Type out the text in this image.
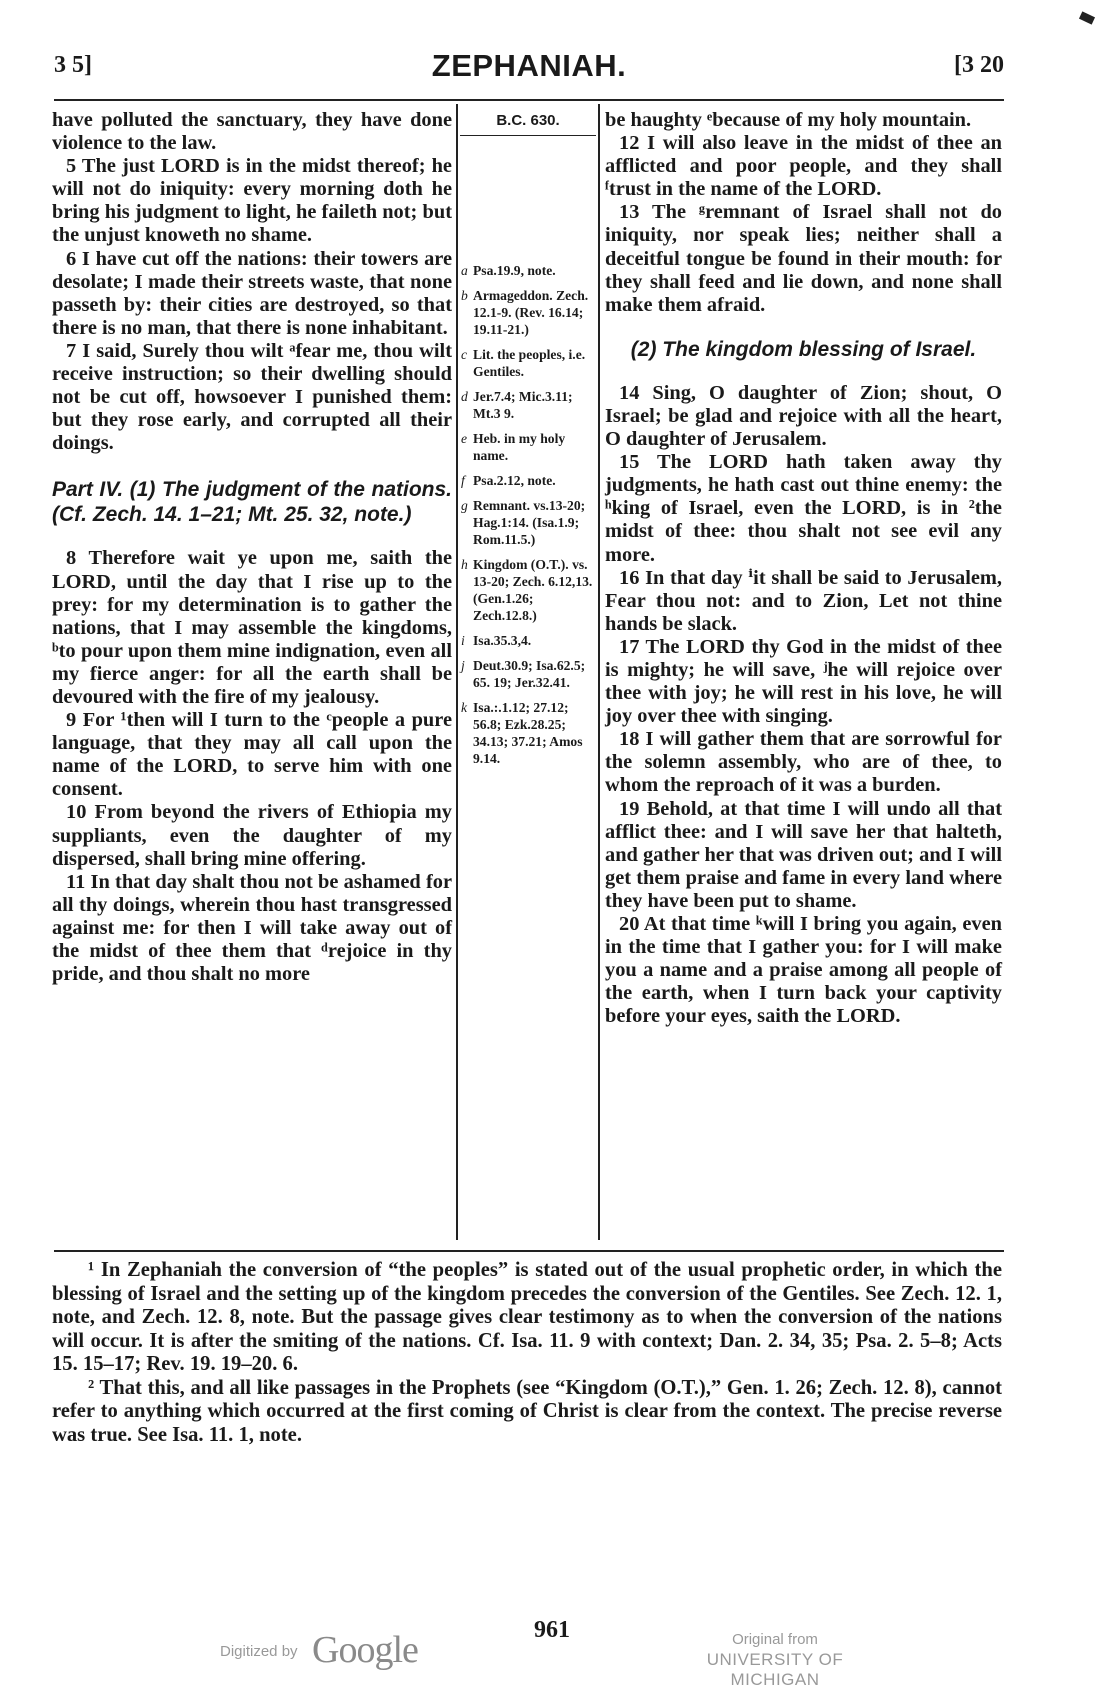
3 5]	ZEPHANIAH.	[3 20

have polluted the sanctuary, they have done violence to the law.

5 The just LORD is in the midst thereof; he will not do iniquity: every morning doth he bring his judgment to light, he faileth not; but the unjust knoweth no shame.

6 I have cut off the nations: their towers are desolate; I made their streets waste, that none passeth by: their cities are destroyed, so that there is no man, that there is none inhabitant.

7 I said, Surely thou wilt ᵃfear me, thou wilt receive instruction; so their dwelling should not be cut off, howsoever I punished them: but they rose early, and corrupted all their doings.

Part IV. (1) The judgment of the nations. (Cf. Zech. 14. 1–21; Mt. 25. 32, note.)

8 Therefore wait ye upon me, saith the LORD, until the day that I rise up to the prey: for my determination is to gather the nations, that I may assemble the kingdoms, ᵇto pour upon them mine indignation, even all my fierce anger: for all the earth shall be devoured with the fire of my jealousy.

9 For ¹then will I turn to the ᶜpeople a pure language, that they may all call upon the name of the LORD, to serve him with one consent.

10 From beyond the rivers of Ethiopia my suppliants, even the daughter of my dispersed, shall bring mine offering.

11 In that day shalt thou not be ashamed for all thy doings, wherein thou hast transgressed against me: for then I will take away out of the midst of thee them that ᵈrejoice in thy pride, and thou shalt no more

B.C. 630.
a Psa.19.9, note.
b Armageddon. Zech. 12.1-9. (Rev. 16.14; 19.11-21.)
c Lit. the peoples, i.e. Gentiles.
d Jer.7.4; Mic.3.11; Mt.3 9.
e Heb. in my holy name.
f Psa.2.12, note.
g Remnant. vs.13-20; Hag.1:14. (Isa.1.9; Rom.11.5.)
h Kingdom (O.T.). vs. 13-20; Zech. 6.12,13. (Gen.1.26; Zech.12.8.)
i Isa.35.3,4.
j Deut.30.9; Isa.62.5; 65. 19; Jer.32.41.
k Isa.:.1.12; 27.12; 56.8; Ezk.28.25; 34.13; 37.21; Amos 9.14.

be haughty ᵉbecause of my holy mountain.

12 I will also leave in the midst of thee an afflicted and poor people, and they shall ᶠtrust in the name of the LORD.

13 The ᵍremnant of Israel shall not do iniquity, nor speak lies; neither shall a deceitful tongue be found in their mouth: for they shall feed and lie down, and none shall make them afraid.

(2) The kingdom blessing of Israel.

14 Sing, O daughter of Zion; shout, O Israel; be glad and rejoice with all the heart, O daughter of Jerusalem.

15 The LORD hath taken away thy judgments, he hath cast out thine enemy: the ʰking of Israel, even the LORD, is in ²the midst of thee: thou shalt not see evil any more.

16 In that day ⁱit shall be said to Jerusalem, Fear thou not: and to Zion, Let not thine hands be slack.

17 The LORD thy God in the midst of thee is mighty; he will save, ʲhe will rejoice over thee with joy; he will rest in his love, he will joy over thee with singing.

18 I will gather them that are sorrowful for the solemn assembly, who are of thee, to whom the reproach of it was a burden.

19 Behold, at that time I will undo all that afflict thee: and I will save her that halteth, and gather her that was driven out; and I will get them praise and fame in every land where they have been put to shame.

20 At that time ᵏwill I bring you again, even in the time that I gather you: for I will make you a name and a praise among all people of the earth, when I turn back your captivity before your eyes, saith the LORD.

¹ In Zephaniah the conversion of “the peoples” is stated out of the usual prophetic order, in which the blessing of Israel and the setting up of the kingdom precedes the conversion of the Gentiles. See Zech. 12. 1, note, and Zech. 12. 8, note. But the passage gives clear testimony as to when the conversion of the nations will occur. It is after the smiting of the nations. Cf. Isa. 11. 9 with context; Dan. 2. 34, 35; Psa. 2. 5–8; Acts 15. 15–17; Rev. 19. 19–20. 6.

² That this, and all like passages in the Prophets (see “Kingdom (O.T.),” Gen. 1. 26; Zech. 12. 8), cannot refer to anything which occurred at the first coming of Christ is clear from the context. The precise reverse was true. See Isa. 11. 1, note.

961
Digitized by Google	Original from
UNIVERSITY OF MICHIGAN
